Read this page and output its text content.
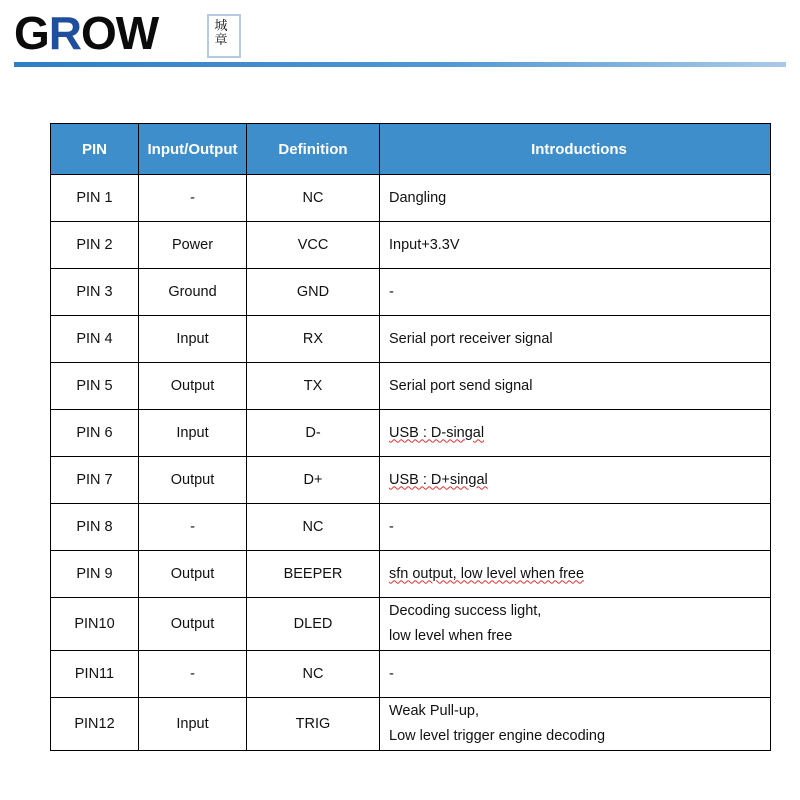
GROW	城章
PIN	Input/Output	Definition	Introductions
PIN 1	-	NC	Dangling

PIN 2	Power	VCC	Input+3.3V

PIN 3	Ground	GND	-

PIN 4	Input	RX	Serial port receiver signal

PIN 5	Output	TX	Serial port send signal

PIN 6	Input	D-	USB : D-singal

PIN 7	Output	D+	USB : D+singal

PIN 8	-	NC	-

PIN 9	Output	BEEPER	sfn output, low level when free

PIN10	Output	DLED	Decoding success light,
low level when free

PIN11	-	NC	-

PIN12	Input	TRIG	Weak Pull-up,
Low level trigger engine decoding
